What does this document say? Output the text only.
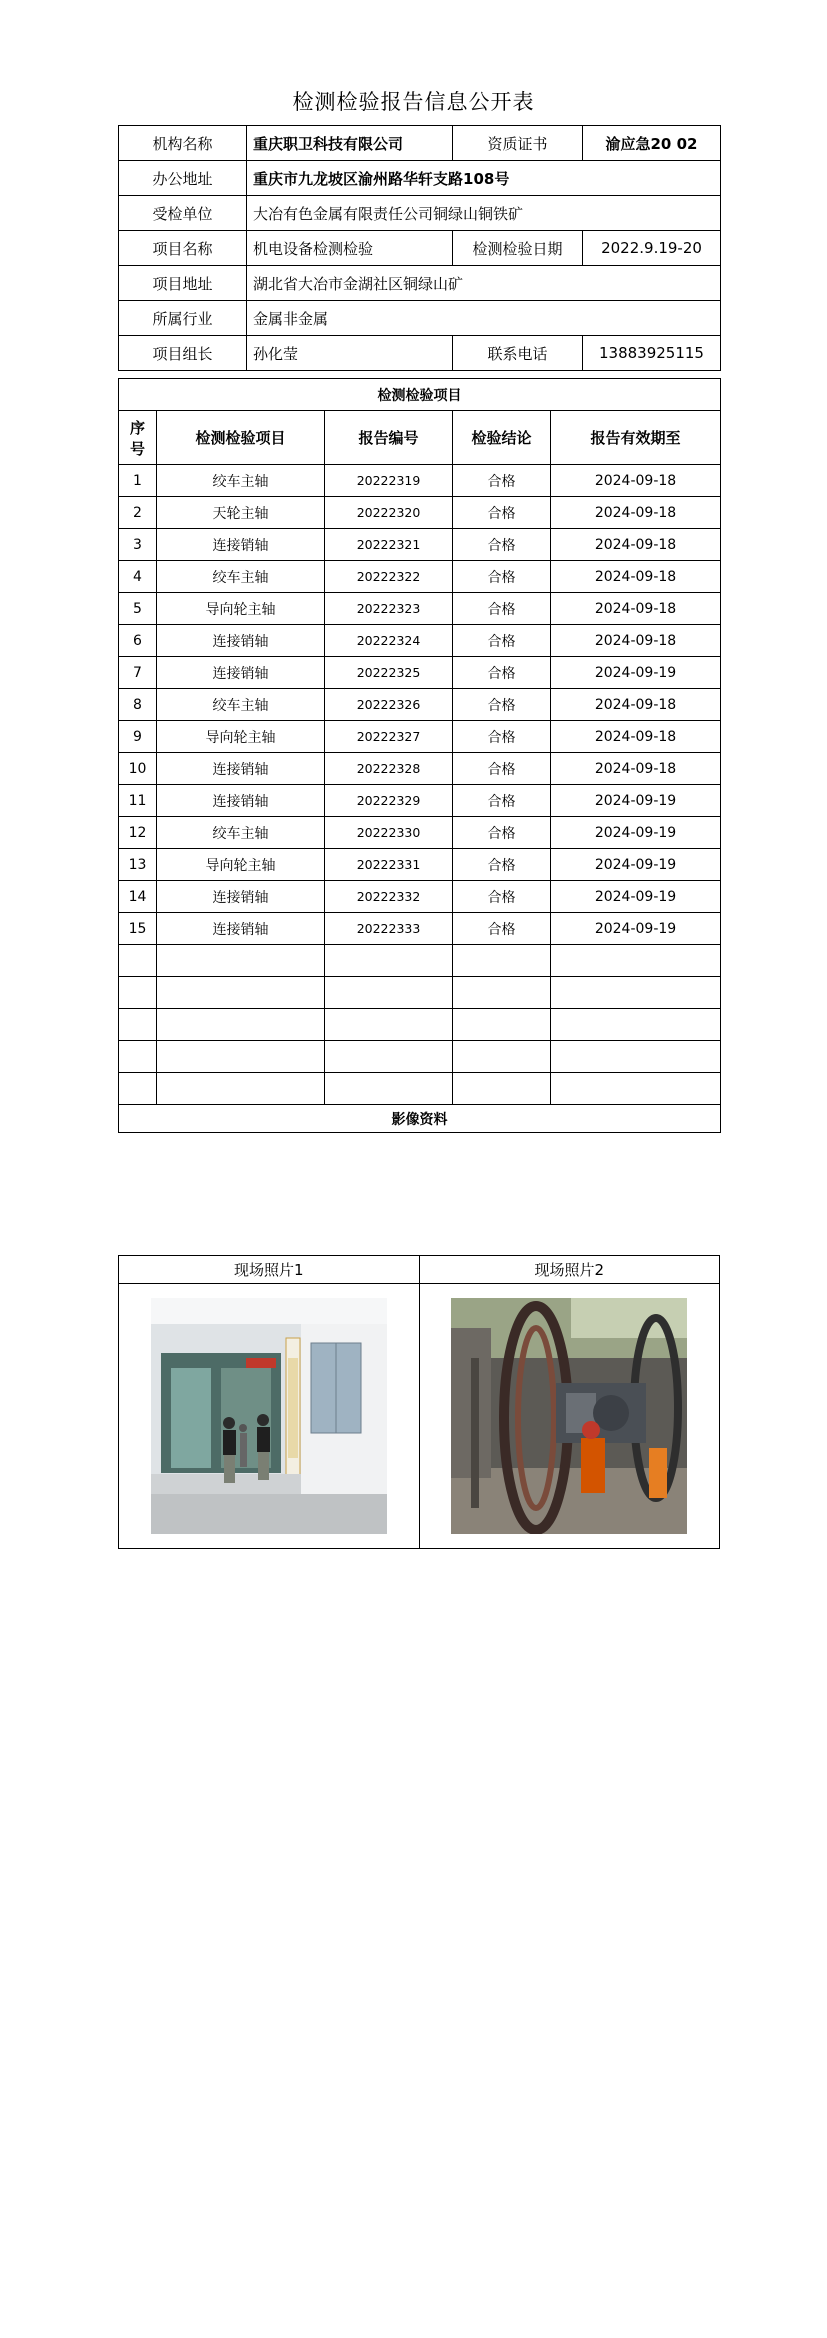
检测检验报告信息公开表
机构名称	重庆职卫科技有限公司	资质证书	渝应急20 02
办公地址	重庆市九龙坡区渝州路华轩支路108号		
受检单位	大冶有色金属有限责任公司铜绿山铜铁矿		
项目名称	机电设备检测检验	检测检验日期	2022.9.19-20
项目地址	湖北省大冶市金湖社区铜绿山矿		
所属行业	金属非金属		
项目组长	孙化莹	联系电话	13883925115
检测检验项目				
序号	检测检验项目	报告编号	检验结论	报告有效期至
1	绞车主轴	20222319	合格	2024-09-18
2	天轮主轴	20222320	合格	2024-09-18
3	连接销轴	20222321	合格	2024-09-18
4	绞车主轴	20222322	合格	2024-09-18
5	导向轮主轴	20222323	合格	2024-09-18
6	连接销轴	20222324	合格	2024-09-18
7	连接销轴	20222325	合格	2024-09-19
8	绞车主轴	20222326	合格	2024-09-18
9	导向轮主轴	20222327	合格	2024-09-18
10	连接销轴	20222328	合格	2024-09-18
11	连接销轴	20222329	合格	2024-09-19
12	绞车主轴	20222330	合格	2024-09-19
13	导向轮主轴	20222331	合格	2024-09-19
14	连接销轴	20222332	合格	2024-09-19
15	连接销轴	20222333	合格	2024-09-19

影像资料				
现场照片1	现场照片2
